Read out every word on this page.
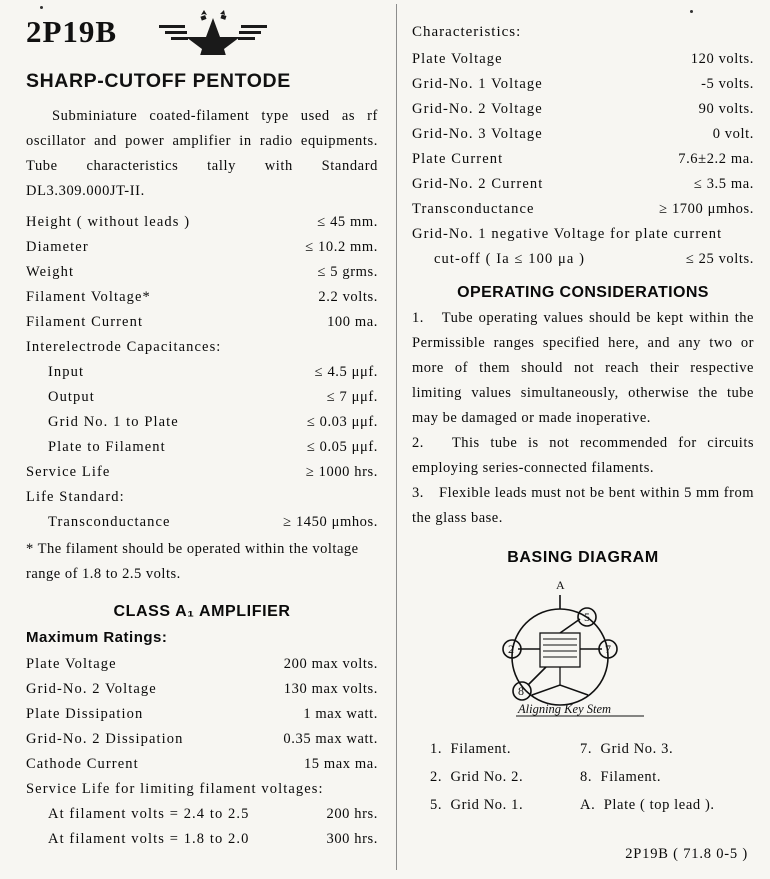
2P19B
SHARP-CUTOFF PENTODE
Subminiature coated-filament type used as rf oscillator and power amplifier in radio equipments. Tube characteristics tally with Standard DL3.309.000JT-II.
Height ( without leads )	≤ 45 mm.
Diameter	≤ 10.2 mm.
Weight	≤ 5 grms.
Filament Voltage*	2.2 volts.
Filament Current	100 ma.
Interelectrode Capacitances:
Input	≤ 4.5 μμf.
Output	≤ 7 μμf.
Grid No. 1 to Plate	≤ 0.03 μμf.
Plate to Filament	≤ 0.05 μμf.
Service Life	≥ 1000 hrs.
Life Standard:
Transconductance	≥ 1450 μmhos.
* The filament should be operated within the voltage range of 1.8 to 2.5 volts.
CLASS A₁ AMPLIFIER
Maximum Ratings:
Plate Voltage	200 max volts.
Grid-No. 2 Voltage	130 max volts.
Plate Dissipation	1 max watt.
Grid-No. 2 Dissipation	0.35 max watt.
Cathode Current	15 max ma.
Service Life for limiting filament voltages:
At filament volts = 2.4 to 2.5	200 hrs.
At filament volts = 1.8 to 2.0	300 hrs.
Characteristics:
Plate Voltage	120 volts.
Grid-No. 1 Voltage	-5 volts.
Grid-No. 2 Voltage	90 volts.
Grid-No. 3 Voltage	0 volt.
Plate Current	7.6±2.2 ma.
Grid-No. 2 Current	≤ 3.5 ma.
Transconductance	≥ 1700 μmhos.
Grid-No. 1 negative Voltage for plate current
cut-off ( Ia ≤ 100 μa )	≤ 25 volts.
OPERATING CONSIDERATIONS
1.　Tube operating values should be kept within the Permissible ranges specified here, and any two or more of them should not reach their respective limiting values simultaneously, otherwise the tube may be damaged or made inoperative.
2.　This tube is not recommended for circuits employing series-connected filaments.
3.　Flexible leads must not be bent within 5 mm from the glass base.
BASING DIAGRAM
A
5
2	7
8
Aligning Key Stem
1. Filament.	7. Grid No. 3.
2. Grid No. 2.	8. Filament.
5. Grid No. 1.	A. Plate ( top lead ).
2P19B ( 71.8 0-5 )
